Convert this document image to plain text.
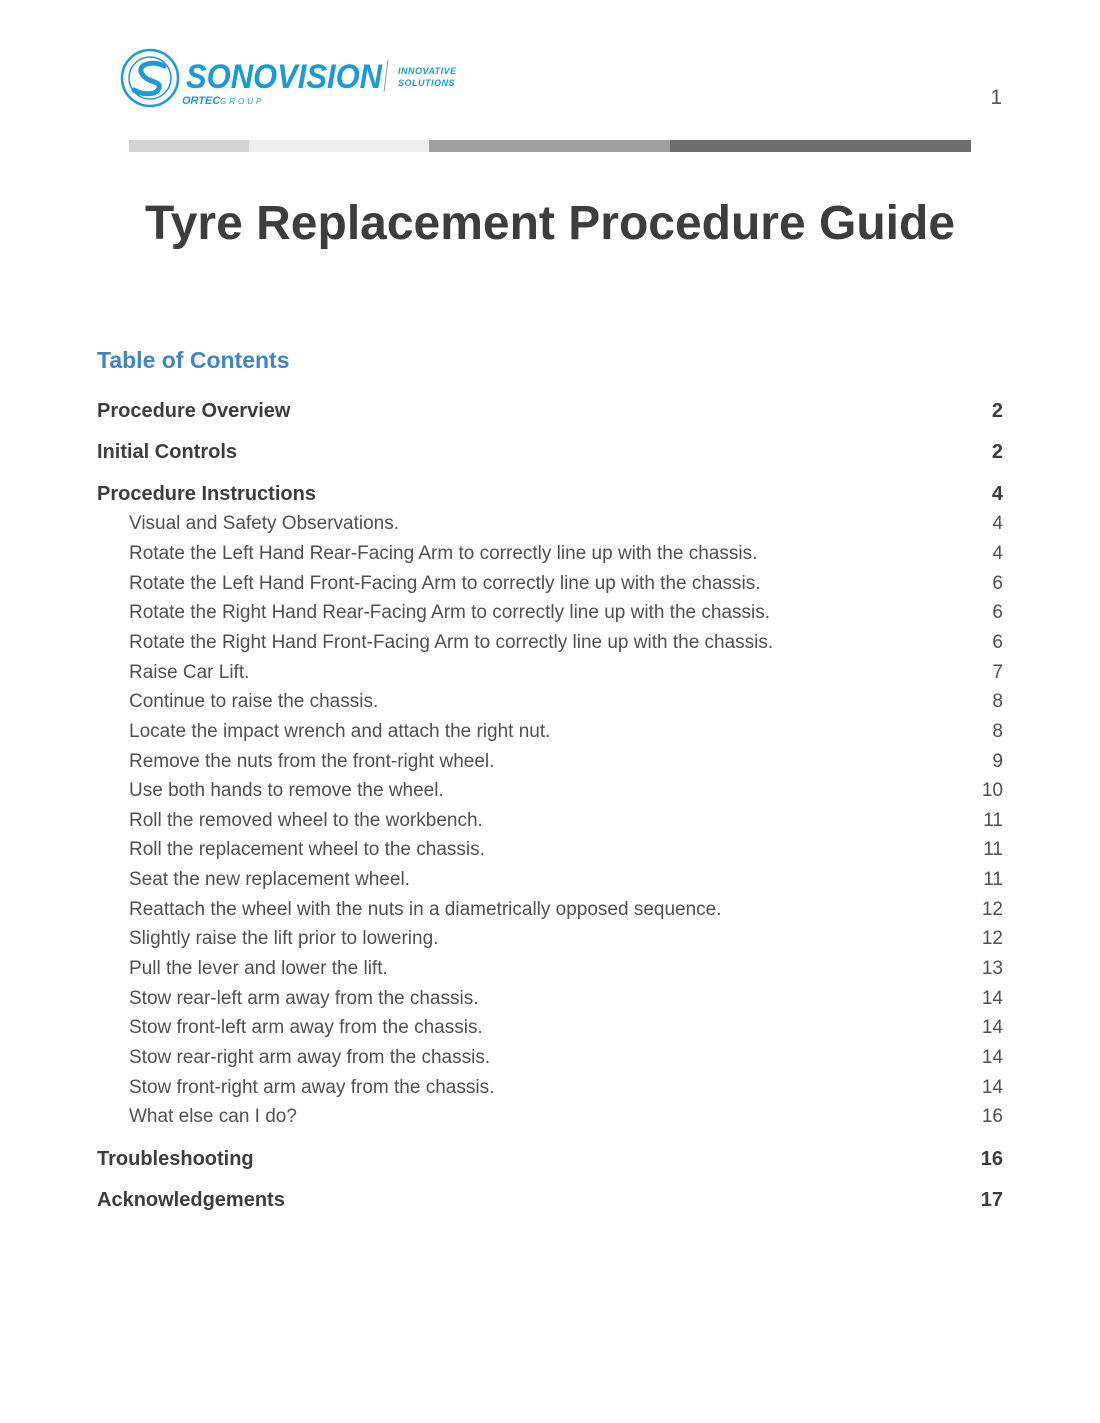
SONOVISION
ORTEC GROUP
INNOVATIVE
SOLUTIONS
1
Tyre Replacement Procedure Guide
Table of Contents
Procedure Overview	2
Initial Controls	2
Procedure Instructions	4
Visual and Safety Observations.	4
Rotate the Left Hand Rear-Facing Arm to correctly line up with the chassis.	4
Rotate the Left Hand Front-Facing Arm to correctly line up with the chassis.	6
Rotate the Right Hand Rear-Facing Arm to correctly line up with the chassis.	6
Rotate the Right Hand Front-Facing Arm to correctly line up with the chassis.	6
Raise Car Lift.	7
Continue to raise the chassis.	8
Locate the impact wrench and attach the right nut.	8
Remove the nuts from the front-right wheel.	9
Use both hands to remove the wheel.	10
Roll the removed wheel to the workbench.	11
Roll the replacement wheel to the chassis.	11
Seat the new replacement wheel.	11
Reattach the wheel with the nuts in a diametrically opposed sequence.	12
Slightly raise the lift prior to lowering.	12
Pull the lever and lower the lift.	13
Stow rear-left arm away from the chassis.	14
Stow front-left arm away from the chassis.	14
Stow rear-right arm away from the chassis.	14
Stow front-right arm away from the chassis.	14
What else can I do?	16
Troubleshooting	16
Acknowledgements	17
